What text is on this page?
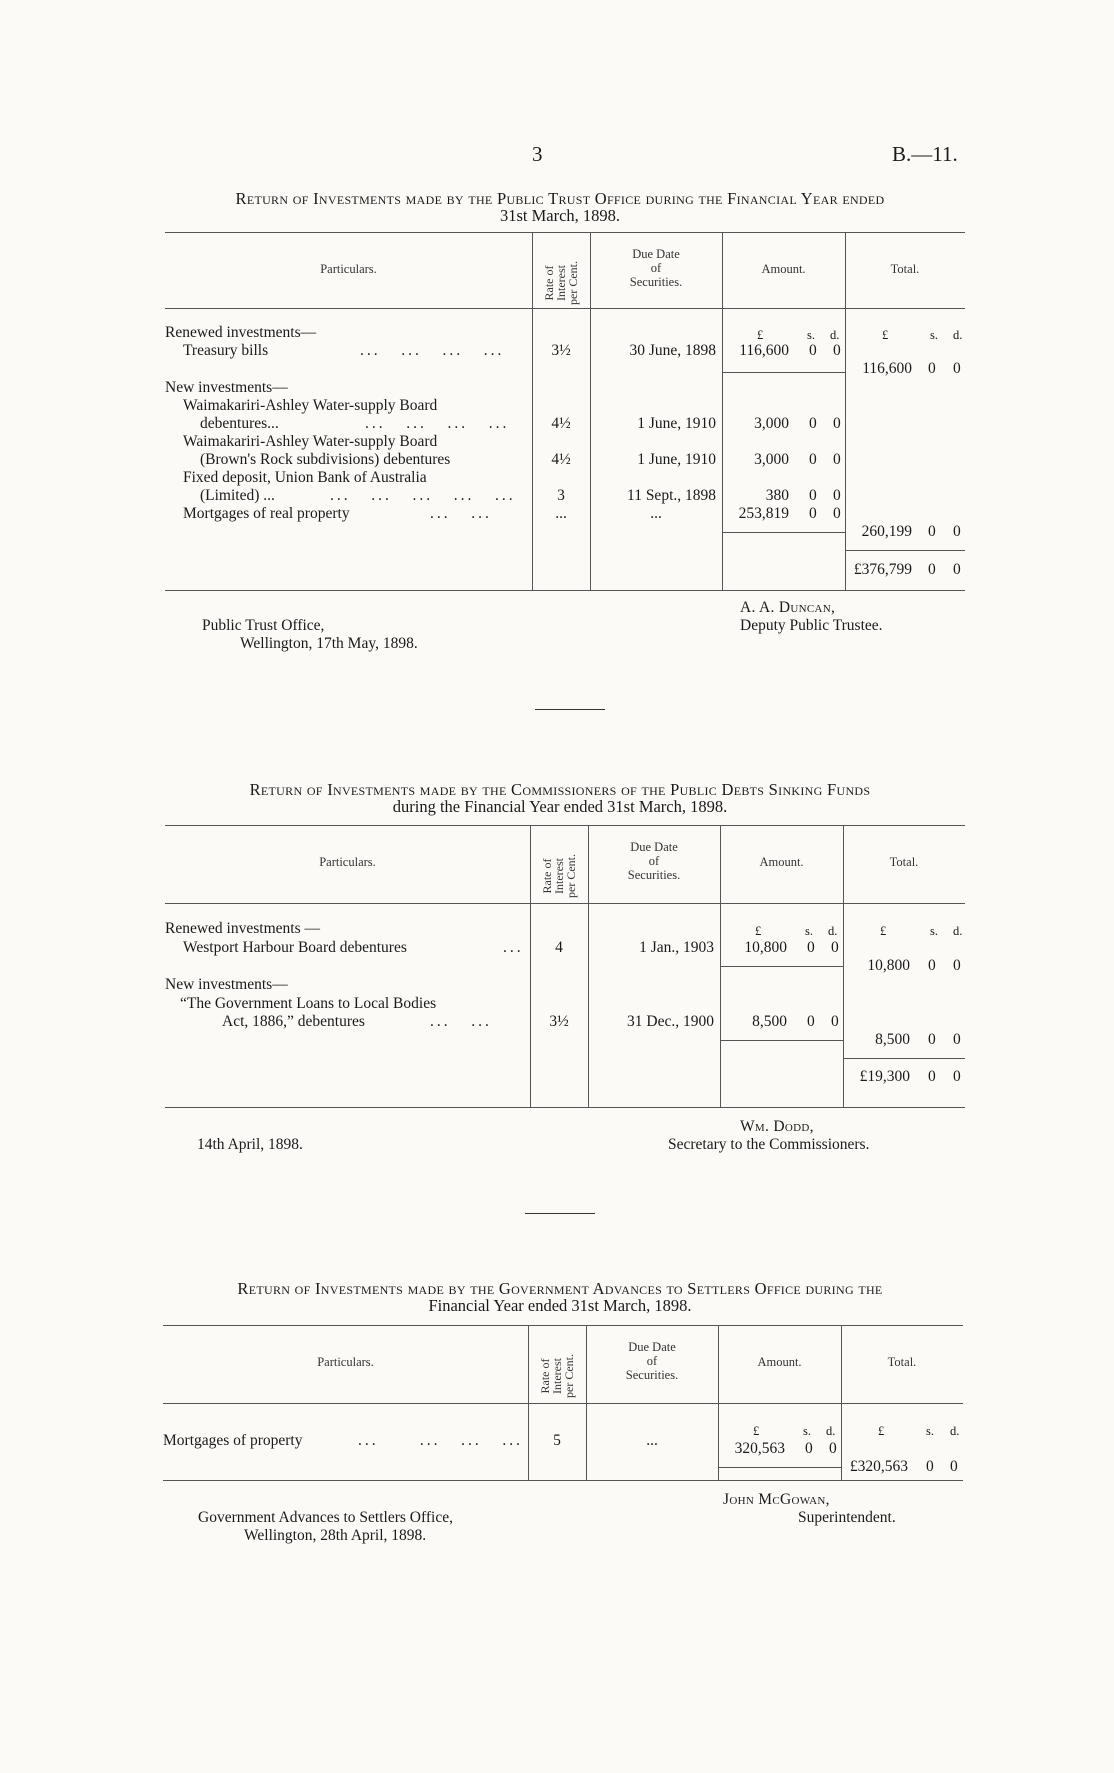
3	B.—11.
Return of Investments made by the Public Trust Office during the Financial Year ended
31st March, 1898.
Particulars.	Rate of
Interest
per Cent.
Due Date
of
Securities.
Amount.	Total.
£	s. d.	£	s. d.
Renewed investments—
Treasury bills	...   ...   ...   ...	3½	30 June, 1898	116,600 0 0
116,600 0 0
New investments—
Waimakariri-Ashley Water-supply Board
debentures...	...   ...   ...   ...	4½	1 June, 1910	3,000 0 0
Waimakariri-Ashley Water-supply Board
(Brown's Rock subdivisions) debentures	4½	1 June, 1910	3,000 0 0
Fixed deposit, Union Bank of Australia
(Limited) ...	...   ...   ...   ...   ...	3	11 Sept., 1898	380 0 0
Mortgages of real property	...   ...	...	...	253,819 0 0
260,199 0 0
£376,799 0 0
A. A. Duncan,
Deputy Public Trustee.
Public Trust Office,
Wellington, 17th May, 1898.
Return of Investments made by the Commissioners of the Public Debts Sinking Funds
during the Financial Year ended 31st March, 1898.
Particulars.	Rate of
Interest
per Cent.
Due Date
of
Securities.
Amount.	Total.
£	s. d.	£	s. d.
Renewed investments —
Westport Harbour Board debentures	...	4	1 Jan., 1903	10,800 0 0
10,800 0 0
New investments—
“The Government Loans to Local Bodies
Act, 1886,” debentures	...   ...	3½	31 Dec., 1900	8,500 0 0
8,500 0 0
£19,300 0 0
Wm. Dodd,
Secretary to the Commissioners.
14th April, 1898.
Return of Investments made by the Government Advances to Settlers Office during the
Financial Year ended 31st March, 1898.
Particulars.	Rate of
Interest
per Cent.
Due Date
of
Securities.
Amount.	Total.
£	s. d.	£	s. d.
Mortgages of property	...      ...   ...   ...	5	...	320,563 0 0
£320,563 0 0
John McGowan,
Superintendent.
Government Advances to Settlers Office,
Wellington, 28th April, 1898.
